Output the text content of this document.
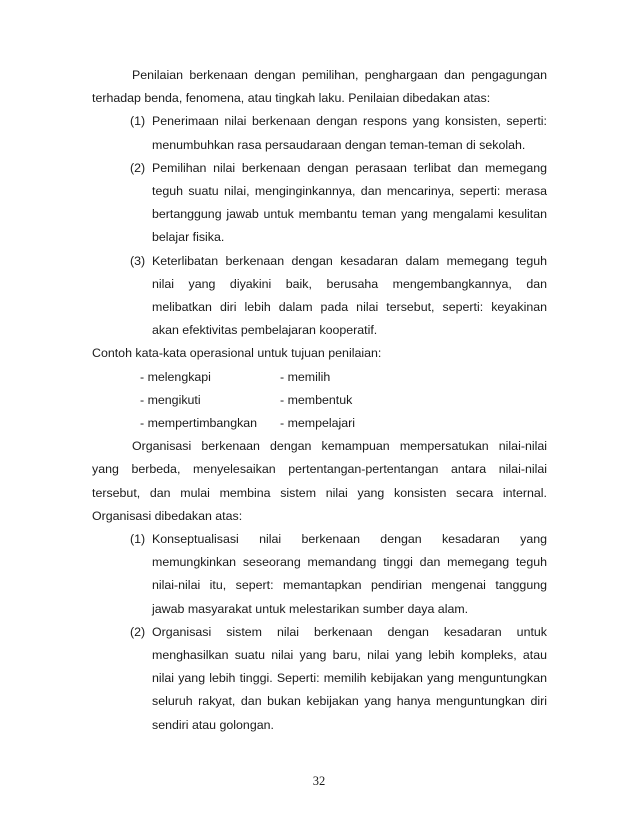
Penilaian berkenaan dengan pemilihan, penghargaan dan pengagungan

terhadap benda, fenomena, atau tingkah laku. Penilaian dibedakan atas:

(1) Penerimaan nilai berkenaan dengan respons yang konsisten, seperti:
menumbuhkan rasa persaudaraan dengan teman-teman di sekolah.
(2) Pemilihan nilai berkenaan dengan perasaan terlibat dan memegang
teguh suatu nilai, menginginkannya, dan mencarinya, seperti: merasa
bertanggung jawab untuk membantu teman yang mengalami kesulitan
belajar fisika.
(3) Keterlibatan berkenaan dengan kesadaran dalam memegang teguh
nilai yang diyakini baik, berusaha mengembangkannya, dan
melibatkan diri lebih dalam pada nilai tersebut, seperti: keyakinan
akan efektivitas pembelajaran kooperatif.

Contoh kata-kata operasional untuk tujuan penilaian:

- melengkapi	- memilih
- mengikuti	- membentuk
- mempertimbangkan	- mempelajari

Organisasi berkenaan dengan kemampuan mempersatukan nilai-nilai

yang berbeda, menyelesaikan pertentangan-pertentangan antara nilai-nilai

tersebut, dan mulai membina sistem nilai yang konsisten secara internal.

Organisasi dibedakan atas:

(1) Konseptualisasi nilai berkenaan dengan kesadaran yang
memungkinkan seseorang memandang tinggi dan memegang teguh
nilai-nilai itu, sepert: memantapkan pendirian mengenai tanggung
jawab masyarakat untuk melestarikan sumber daya alam.
(2) Organisasi sistem nilai berkenaan dengan kesadaran untuk
menghasilkan suatu nilai yang baru, nilai yang lebih kompleks, atau
nilai yang lebih tinggi. Seperti: memilih kebijakan yang menguntungkan
seluruh rakyat, dan bukan kebijakan yang hanya menguntungkan diri
sendiri atau golongan.
32
